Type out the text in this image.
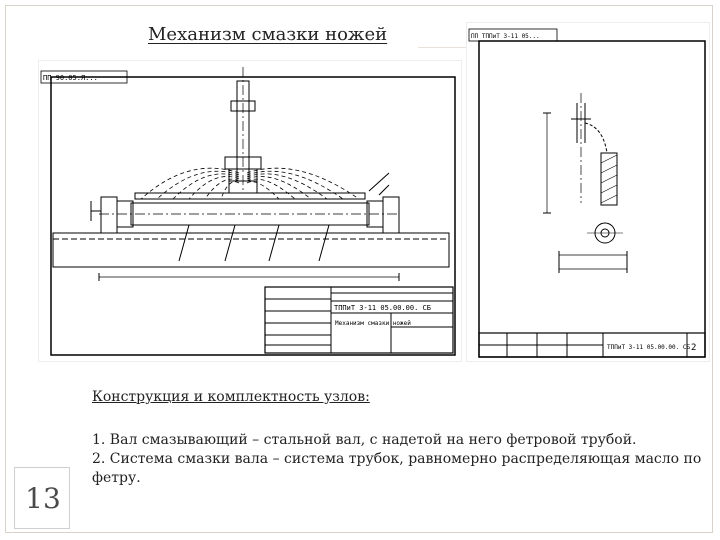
Механизм смазки ножей
ПП 90.05.Я...
ТППиТ 3-11 05.00.00. СБ
Механизм смазки ножей
ПП ТППиТ 3-11 05...
ТППиТ 3-11 05.00.00. СБ 2
Конструкция и комплектность узлов:
1. Вал смазывающий – стальной вал, с надетой на него фетровой трубой.
2. Система смазки вала – система трубок, равномерно распределяющая масло по фетру.
13
